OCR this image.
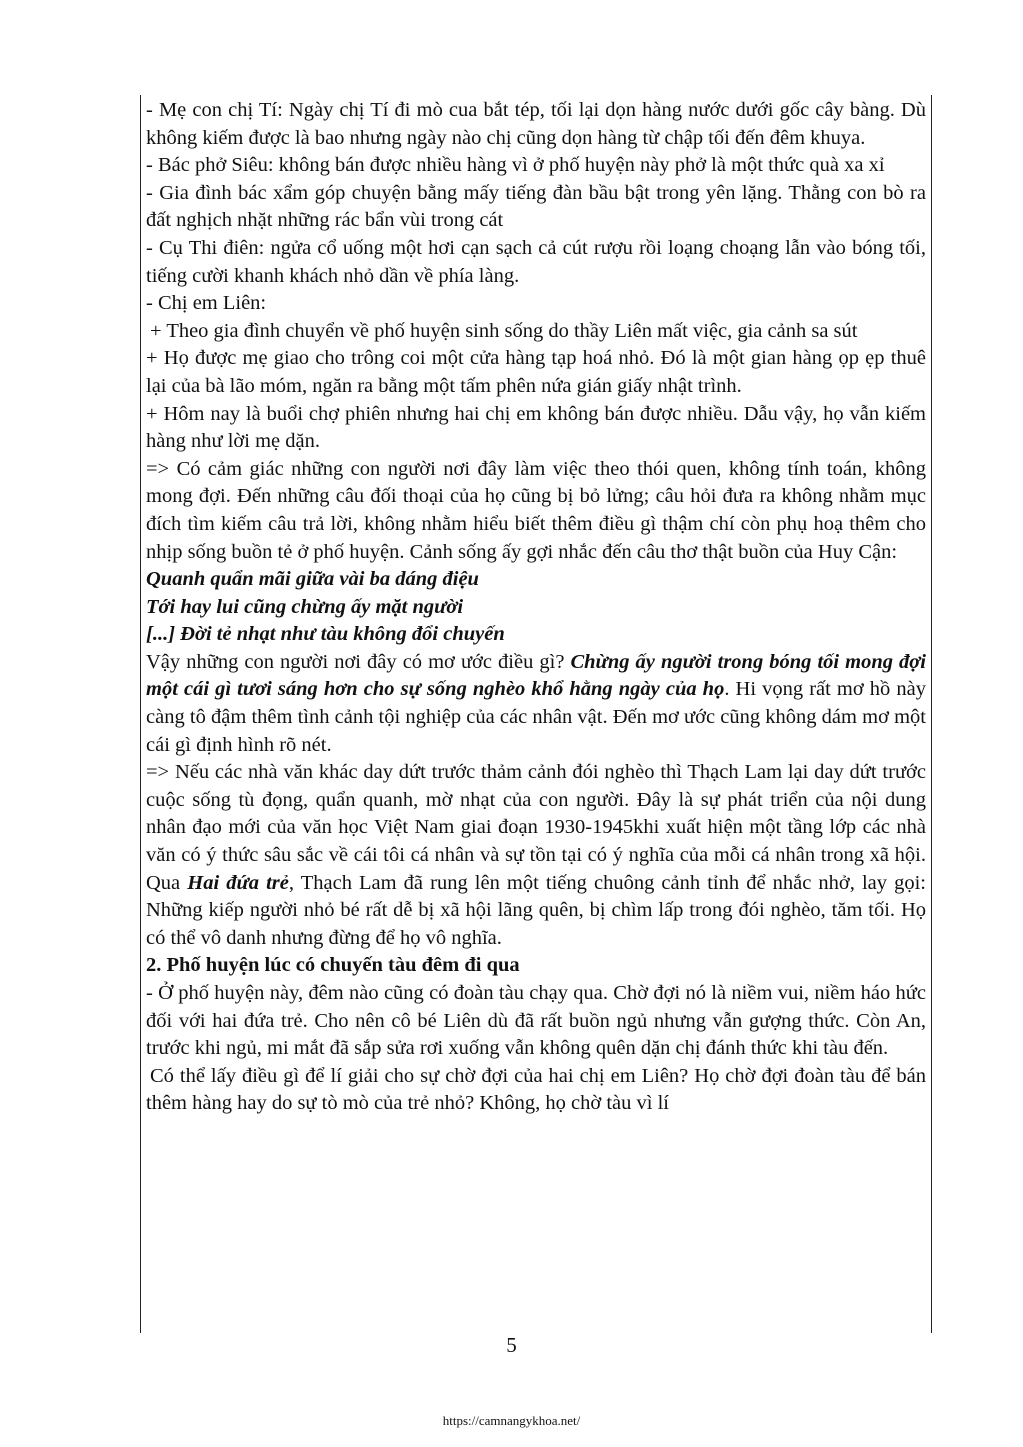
- Mẹ con chị Tí: Ngày chị Tí đi mò cua bắt tép, tối lại dọn hàng nước dưới gốc cây bàng. Dù không kiếm được là bao nhưng ngày nào chị cũng dọn hàng từ chập tối đến đêm khuya.

- Bác phở Siêu: không bán được nhiều hàng vì ở phố huyện này phở là một thức quà xa xỉ

- Gia đình bác xẩm góp chuyện bằng mấy tiếng đàn bầu bật trong yên lặng. Thằng con bò ra đất nghịch nhặt những rác bẩn vùi trong cát

- Cụ Thi điên: ngửa cổ uống một hơi cạn sạch cả cút rượu rồi loạng choạng lẫn vào bóng tối, tiếng cười khanh khách nhỏ dần về phía làng.

- Chị em Liên:

+ Theo gia đình chuyển về phố huyện sinh sống do thầy Liên mất việc, gia cảnh sa sút

+ Họ được mẹ giao cho trông coi một cửa hàng tạp hoá nhỏ. Đó là một gian hàng ọp ẹp thuê lại của bà lão móm, ngăn ra bằng một tấm phên nứa gián giấy nhật trình.

+ Hôm nay là buổi chợ phiên nhưng hai chị em không bán được nhiều. Dẫu vậy, họ vẫn kiếm hàng như lời mẹ dặn.

=> Có cảm giác những con người nơi đây làm việc theo thói quen, không tính toán, không mong đợi. Đến những câu đối thoại của họ cũng bị bỏ lửng; câu hỏi đưa ra không nhằm mục đích tìm kiếm câu trả lời, không nhằm hiểu biết thêm điều gì thậm chí còn phụ hoạ thêm cho nhịp sống buồn tẻ ở phố huyện. Cảnh sống ấy gợi nhắc đến câu thơ thật buồn của Huy Cận:

Quanh quẩn mãi giữa vài ba dáng điệu

Tới hay lui cũng chừng ấy mặt người

[...] Đời tẻ nhạt như tàu không đổi chuyến

Vậy những con người nơi đây có mơ ước điều gì? Chừng ấy người trong bóng tối mong đợi một cái gì tươi sáng hơn cho sự sống nghèo khổ hằng ngày của họ. Hi vọng rất mơ hồ này càng tô đậm thêm tình cảnh tội nghiệp của các nhân vật. Đến mơ ước cũng không dám mơ một cái gì định hình rõ nét.

=> Nếu các nhà văn khác day dứt trước thảm cảnh đói nghèo thì Thạch Lam lại day dứt trước cuộc sống tù đọng, quẩn quanh, mờ nhạt của con người. Đây là sự phát triển của nội dung nhân đạo mới của văn học Việt Nam giai đoạn 1930-1945khi xuất hiện một tầng lớp các nhà văn có ý thức sâu sắc về cái tôi cá nhân và sự tồn tại có ý nghĩa của mỗi cá nhân trong xã hội. Qua Hai đứa trẻ, Thạch Lam đã rung lên một tiếng chuông cảnh tỉnh để nhắc nhở, lay gọi: Những kiếp người nhỏ bé rất dễ bị xã hội lãng quên, bị chìm lấp trong đói nghèo, tăm tối. Họ có thể vô danh nhưng đừng để họ vô nghĩa.

2. Phố huyện lúc có chuyến tàu đêm đi qua

- Ở phố huyện này, đêm nào cũng có đoàn tàu chạy qua. Chờ đợi nó là niềm vui, niềm háo hức đối với hai đứa trẻ. Cho nên cô bé Liên dù đã rất buồn ngủ nhưng vẫn gượng thức. Còn An, trước khi ngủ, mi mắt đã sắp sửa rơi xuống vẫn không quên dặn chị đánh thức khi tàu đến.

Có thể lấy điều gì để lí giải cho sự chờ đợi của hai chị em Liên? Họ chờ đợi đoàn tàu để bán thêm hàng hay do sự tò mò của trẻ nhỏ? Không, họ chờ tàu vì lí

5
https://camnangykhoa.net/
